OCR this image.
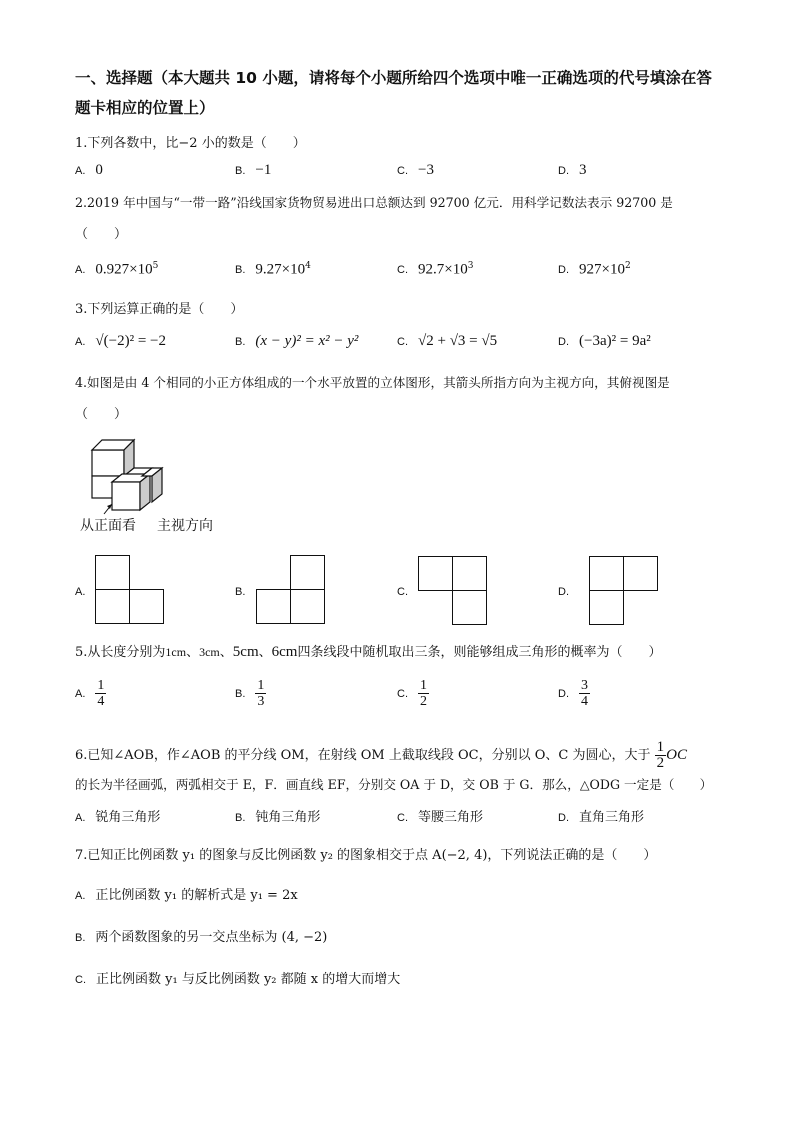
一、选择题（本大题共 10 小题，请将每个小题所给四个选项中唯一正确选项的代号填涂在答
题卡相应的位置上）
1.下列各数中，比−2 小的数是（　　）
A. 0	B. −1	C. −3	D. 3
2.2019 年中国与“一带一路”沿线国家货物贸易进出口总额达到 92700 亿元．用科学记数法表示 92700 是
（　　）
A. $0.927\times 10^5$	B. $9.27\times 10^4$	C. $92.7\times 10^3$	D. $927\times 10^2$
3.下列运算正确的是（　　）
A. √(−2)² = −2	B. (x − y)² = x² − y²	C. √2 + √3 = √5	D. (−3a)² = 9a²
4.如图是由 4 个相同的小正方体组成的一个水平放置的立体图形，其箭头所指方向为主视方向，其俯视图是
（　　）
从正面看 主视方向
A.	B.	C.	D.
5.从长度分别为1cm、3cm、5cm、6cm四条线段中随机取出三条，则能够组成三角形的概率为（　　）
A. $\frac{1}{4}$	B. $\frac{1}{3}$	C. $\frac{1}{2}$	D. $\frac{3}{4}$
6.已知∠AOB，作∠AOB 的平分线 OM，在射线 OM 上截取线段 OC，分别以 O、C 为圆心，大于 $\frac{1}{2}$ OC
的长为半径画弧，两弧相交于 E，F．画直线 EF，分别交 OA 于 D，交 OB 于 G．那么，△ODG 一定是（　　）
A. 锐角三角形	B. 钝角三角形	C. 等腰三角形	D. 直角三角形
7.已知正比例函数 y₁ 的图象与反比例函数 y₂ 的图象相交于点 A(−2, 4)，下列说法正确的是（　　）
A. 正比例函数 y₁ 的解析式是 y₁ = 2x
B. 两个函数图象的另一交点坐标为 (4, −2)
C. 正比例函数 y₁ 与反比例函数 y₂ 都随 x 的增大而增大
